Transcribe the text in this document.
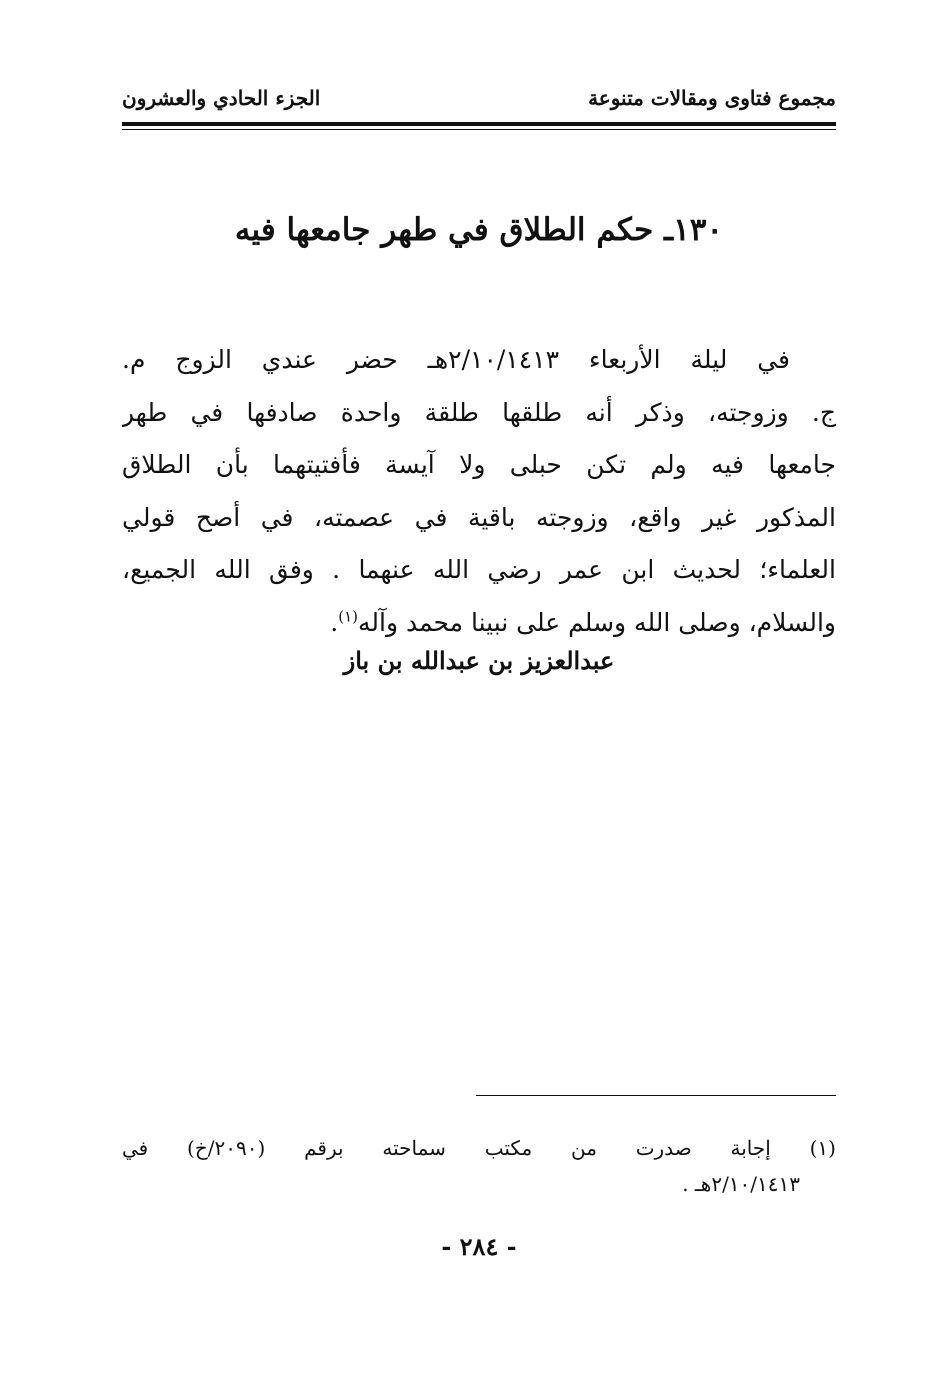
مجموع فتاوى ومقالات متنوعة
الجزء الحادي والعشرون
١٣٠ـ حكم الطلاق في طهر جامعها فيه
في ليلة الأربعاء ٢/١٠/١٤١٣هـ حضر عندي الزوج م.
ج. وزوجته، وذكر أنه طلقها طلقة واحدة صادفها في طهر
جامعها فيه ولم تكن حبلى ولا آيسة فأفتيتهما بأن الطلاق
المذكور غير واقع، وزوجته باقية في عصمته، في أصح قولي
العلماء؛ لحديث ابن عمر رضي الله عنهما . وفق الله الجميع،
والسلام، وصلى الله وسلم على نبينا محمد وآله$^{(١)}$.
عبدالعزيز بن عبدالله بن باز
(١) إجابة صدرت من مكتب سماحته برقم (٢٠٩٠/خ) في
٢/١٠/١٤١٣هـ .
- ٢٨٤ -
